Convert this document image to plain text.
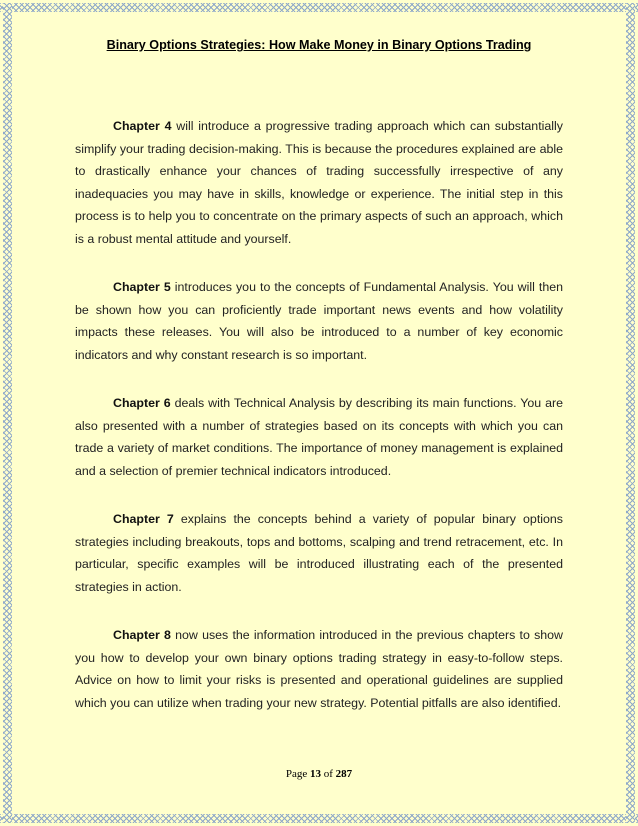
Binary Options Strategies: How Make Money in Binary Options Trading

Chapter 4 will introduce a progressive trading approach which can substantially simplify your trading decision-making. This is because the procedures explained are able to drastically enhance your chances of trading successfully irrespective of any inadequacies you may have in skills, knowledge or experience. The initial step in this process is to help you to concentrate on the primary aspects of such an approach, which is a robust mental attitude and yourself.

Chapter 5 introduces you to the concepts of Fundamental Analysis. You will then be shown how you can proficiently trade important news events and how volatility impacts these releases. You will also be introduced to a number of key economic indicators and why constant research is so important.

Chapter 6 deals with Technical Analysis by describing its main functions. You are also presented with a number of strategies based on its concepts with which you can trade a variety of market conditions. The importance of money management is explained and a selection of premier technical indicators introduced.

Chapter 7 explains the concepts behind a variety of popular binary options strategies including breakouts, tops and bottoms, scalping and trend retracement, etc. In particular, specific examples will be introduced illustrating each of the presented strategies in action.

Chapter 8 now uses the information introduced in the previous chapters to show you how to develop your own binary options trading strategy in easy-to-follow steps. Advice on how to limit your risks is presented and operational guidelines are supplied which you can utilize when trading your new strategy. Potential pitfalls are also identified.

Page 13 of 287
